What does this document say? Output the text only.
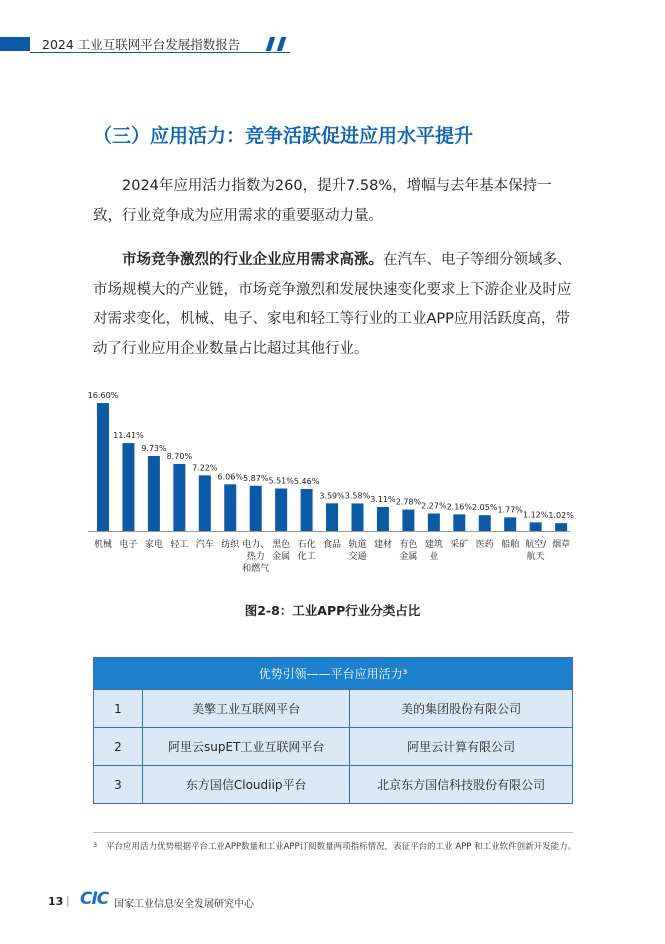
2024 工业互联网平台发展指数报告
（三）应用活力：竞争活跃促进应用水平提升
2024年应用活力指数为260，提升7.58%，增幅与去年基本保持一致，行业竞争成为应用需求的重要驱动力量。
市场竞争激烈的行业企业应用需求高涨。在汽车、电子等细分领域多、市场规模大的产业链，市场竞争激烈和发展快速变化要求上下游企业及时应对需求变化，机械、电子、家电和轻工等行业的工业APP应用活跃度高，带动了行业应用企业数量占比超过其他行业。
16.60%
机械
11.41%
电子
9.73%
家电
8.70%
轻工
7.22%
汽车
6.06%
纺织
5.87%
电力、
热力
和燃气
5.51%
黑色
金属
5.46%
石化
化工
3.59%
食品
3.58%
轨道
交通
3.11%
建材
2.78%
有色
金属
2.27%
建筑
业
2.16%
采矿
2.05%
医药
1.77%
船舶
1.12%
航空/
航天
1.02%
烟草
图2-8：工业APP行业分类占比
优势引领——平台应用活力³		
1	美擎工业互联网平台	美的集团股份有限公司
2	阿里云supET工业互联网平台	阿里云计算有限公司
3	东方国信Cloudiip平台	北京东方国信科技股份有限公司
3 平台应用活力优势根据平台工业APP数量和工业APP订阅数量两项指标情况，表征平台的工业 APP 和工业软件创新开发能力。
13 | CIC 国家工业信息安全发展研究中心
